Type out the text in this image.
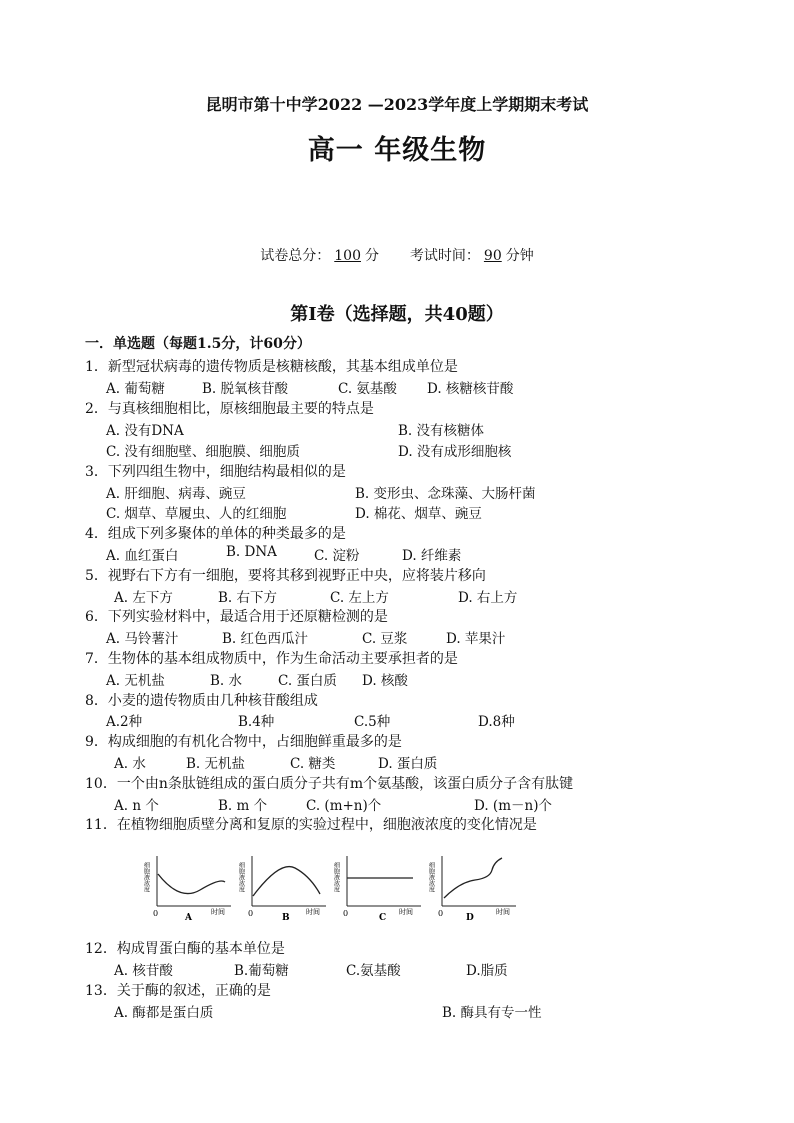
昆明市第十中学2022 —2023学年度上学期期末考试
高一 年级生物
试卷总分： 100 分 考试时间： 90 分钟
第Ⅰ卷（选择题，共40题）
一．单选题（每题1.5分，计60分）
1．新型冠状病毒的遗传物质是核糖核酸，其基本组成单位是
A. 葡萄糖	B. 脱氧核苷酸	C. 氨基酸 D. 核糖核苷酸
2．与真核细胞相比，原核细胞最主要的特点是
A. 没有DNA	B. 没有核糖体
C. 没有细胞壁、细胞膜、细胞质	D. 没有成形细胞核
3．下列四组生物中，细胞结构最相似的是
A. 肝细胞、病毒、豌豆	B. 变形虫、念珠藻、大肠杆菌
C. 烟草、草履虫、人的红细胞	D. 棉花、烟草、豌豆
4．组成下列多聚体的单体的种类最多的是
A. 血红蛋白	B. DNA	C. 淀粉	D. 纤维素
5．视野右下方有一细胞，要将其移到视野正中央，应将装片移向
A. 左下方	B. 右下方	C. 左上方	D. 右上方
6．下列实验材料中，最适合用于还原糖检测的是
A. 马铃薯汁	B. 红色西瓜汁	C. 豆浆	D. 苹果汁
7．生物体的基本组成物质中，作为生命活动主要承担者的是
A. 无机盐	B. 水	C. 蛋白质 D. 核酸
8．小麦的遗传物质由几种核苷酸组成
A.2种	B.4种	C.5种	D.8种
9．构成细胞的有机化合物中，占细胞鲜重最多的是
A. 水	B. 无机盐	C. 糖类	D. 蛋白质
10．一个由n条肽链组成的蛋白质分子共有m个氨基酸，该蛋白质分子含有肽键
A. n 个	B. m 个	C. (m+n)个	D. (m－n)个
11．在植物细胞质壁分离和复原的实验过程中，细胞液浓度的变化情况是
0	时间
A
细胞液浓度
0	时间
B
细胞液浓度
0	时间
C
细胞液浓度
0	时间
D
细胞液浓度
12．构成胃蛋白酶的基本单位是
A. 核苷酸	B.葡萄糖	C.氨基酸	D.脂质
13．关于酶的叙述，正确的是
A. 酶都是蛋白质	B. 酶具有专一性
